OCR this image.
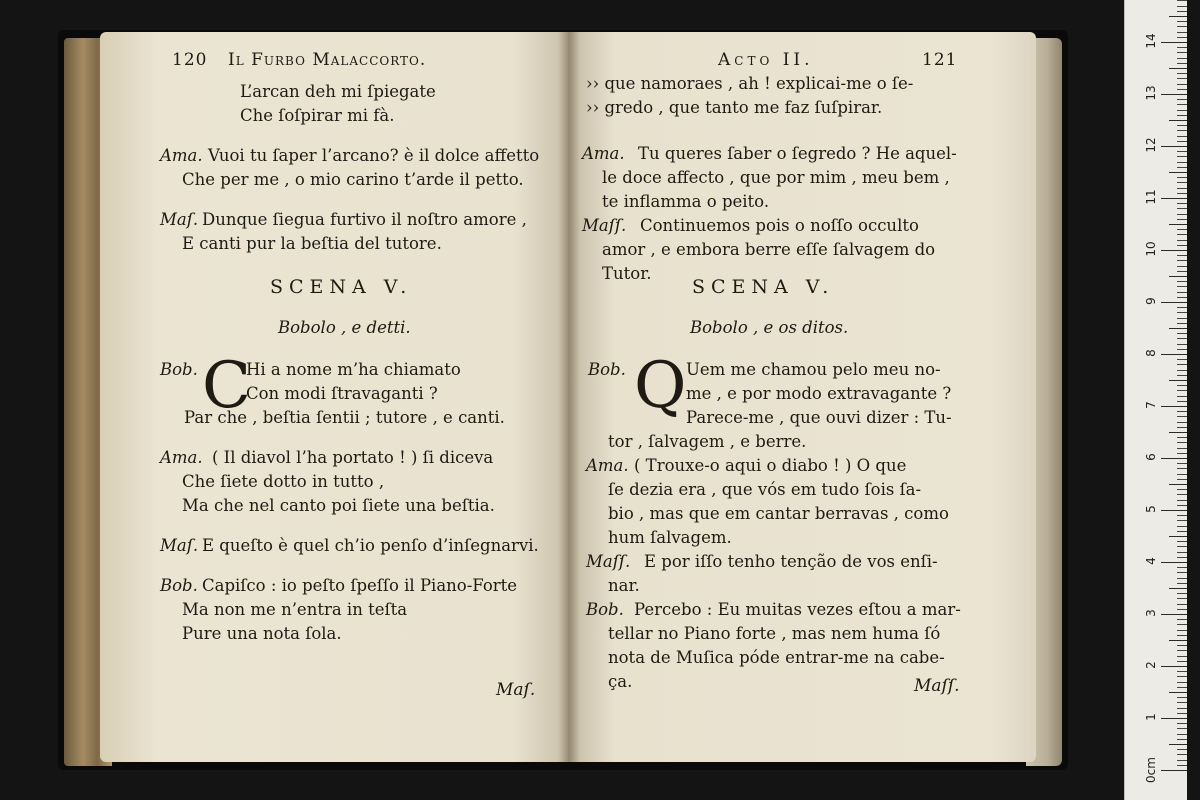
120 Il Furbo Malaccorto.
L’arcan deh mi ſpiegate
Che ſoſpirar mi fà.
Ama. Vuoi tu ſaper l’arcano? è il dolce affetto
Che per me , o mio carino t’arde il petto.
Maſ. Dunque ſiegua furtivo il noſtro amore ,
E canti pur la beſtia del tutore.
SCENA V.
Bobolo , e detti.
Bob. C
Hi a nome m’ha chiamato
Con modi ſtravaganti ?
Par che , beſtia ſentii ; tutore , e canti.
Ama. ( Il diavol l’ha portato ! ) ſi diceva
Che ſiete dotto in tutto ,
Ma che nel canto poi ſiete una beſtia.
Maſ. E queſto è quel ch’io penſo d’inſegnarvi.
Bob. Capiſco : io peſto ſpeſſo il Piano-Forte
Ma non me n’entra in teſta
Pure una nota ſola.
Maſ.
Acto II.	121
›› que namoraes , ah ! explicai-me o ſe-
›› gredo , que tanto me faz ſuſpirar.
Ama. Tu queres ſaber o ſegredo ? He aquel-
le doce affecto , que por mim , meu bem ,
te inflamma o peito.
Maſſ. Continuemos pois o noſſo occulto
amor , e embora berre eſſe ſalvagem do
Tutor.
SCENA V.
Bobolo , e os ditos.
Bob. Q Uem me chamou pelo meu no-
me , e por modo extravagante ?
Parece-me , que ouvi dizer : Tu-
tor , ſalvagem , e berre.
Ama. ( Trouxe-o aqui o diabo ! ) O que
ſe dezia era , que vós em tudo ſois ſa-
bio , mas que em cantar berravas , como
hum ſalvagem.
Maſſ. E por iſſo tenho tenção de vos enſi-
nar.
Bob. Percebo : Eu muitas vezes eſtou a mar-
tellar no Piano forte , mas nem huma ſó
nota de Muſica póde entrar-me na cabe-
ça.	Maſſ.
1
2
3
4
5
6
7
8
9
10
11
12
13
14
0cm
